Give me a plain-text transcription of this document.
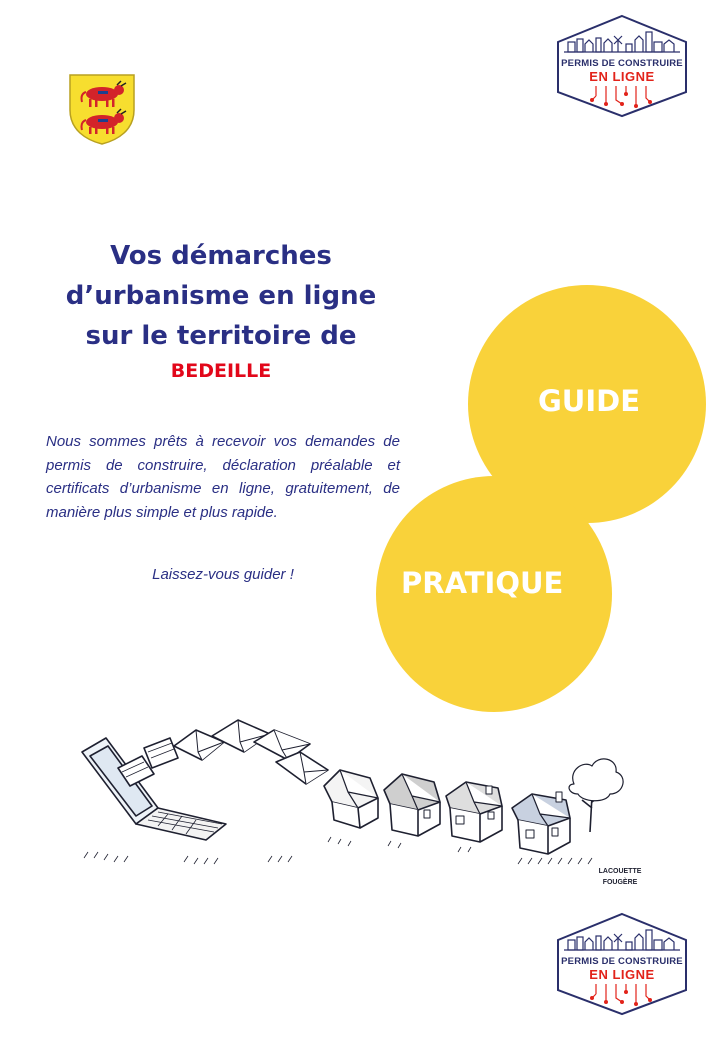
PERMIS DE CONSTRUIRE
EN LIGNE
Vos démarches
d’urbanisme en ligne
sur le territoire de
BEDEILLE
Nous sommes prêts à recevoir vos demandes de permis de construire, déclaration préalable et certificats d’urbanisme en ligne, gratuitement, de manière plus simple et plus rapide.
Laissez-vous guider !
GUIDE
PRATIQUE
LACOUETTE
FOUGÈRE
PERMIS DE CONSTRUIRE
EN LIGNE
